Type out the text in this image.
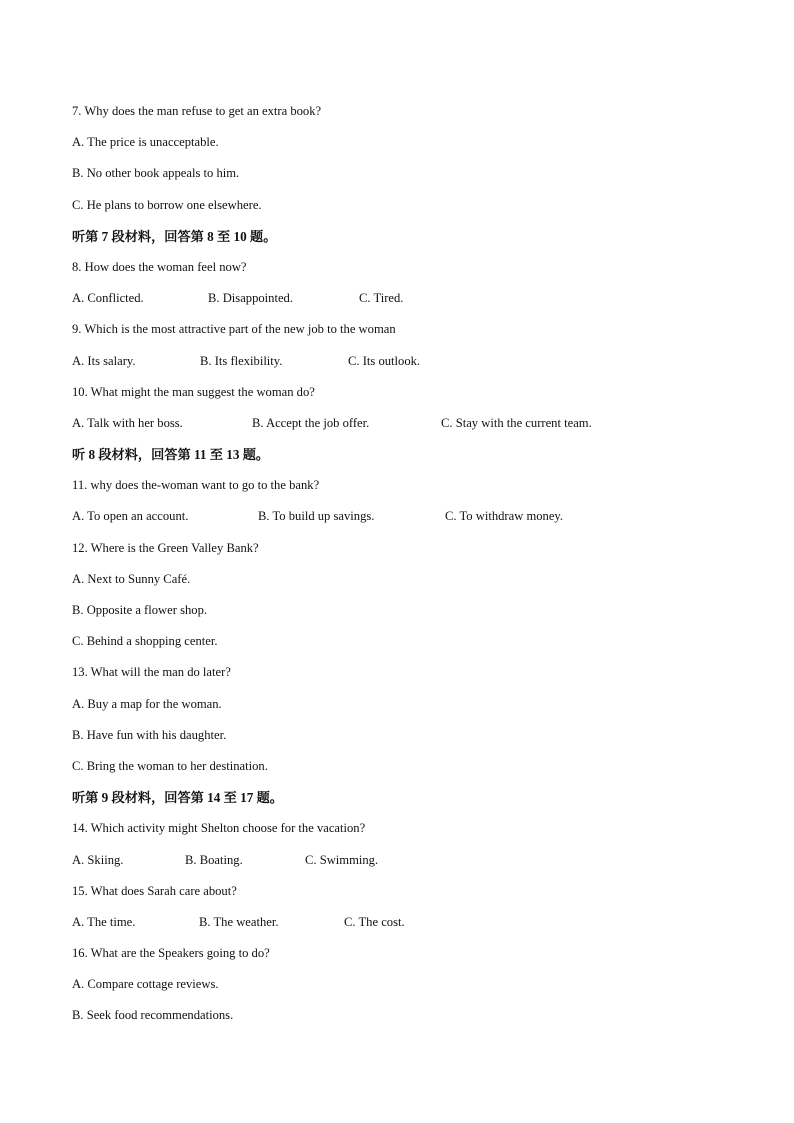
7. Why does the man refuse to get an extra book?
A. The price is unacceptable.
B. No other book appeals to him.
C. He plans to borrow one elsewhere.
听第 7 段材料，回答第 8 至 10 题。
8. How does the woman feel now?
A. Conflicted.	B. Disappointed.	C. Tired.
9. Which is the most attractive part of the new job to the woman
A. Its salary.	B. Its flexibility.	C. Its outlook.
10. What might the man suggest the woman do?
A. Talk with her boss.	B. Accept the job offer.	C. Stay with the current team.
听 8 段材料，回答第 11 至 13 题。
11. why does the-woman want to go to the bank?
A. To open an account.	B. To build up savings.	C. To withdraw money.
12. Where is the Green Valley Bank?
A. Next to Sunny Café.
B. Opposite a flower shop.
C. Behind a shopping center.
13. What will the man do later?
A. Buy a map for the woman.
B. Have fun with his daughter.
C. Bring the woman to her destination.
听第 9 段材料，回答第 14 至 17 题。
14. Which activity might Shelton choose for the vacation?
A. Skiing.	B. Boating.	C. Swimming.
15. What does Sarah care about?
A. The time.	B. The weather.	C. The cost.
16. What are the Speakers going to do?
A. Compare cottage reviews.
B. Seek food recommendations.
